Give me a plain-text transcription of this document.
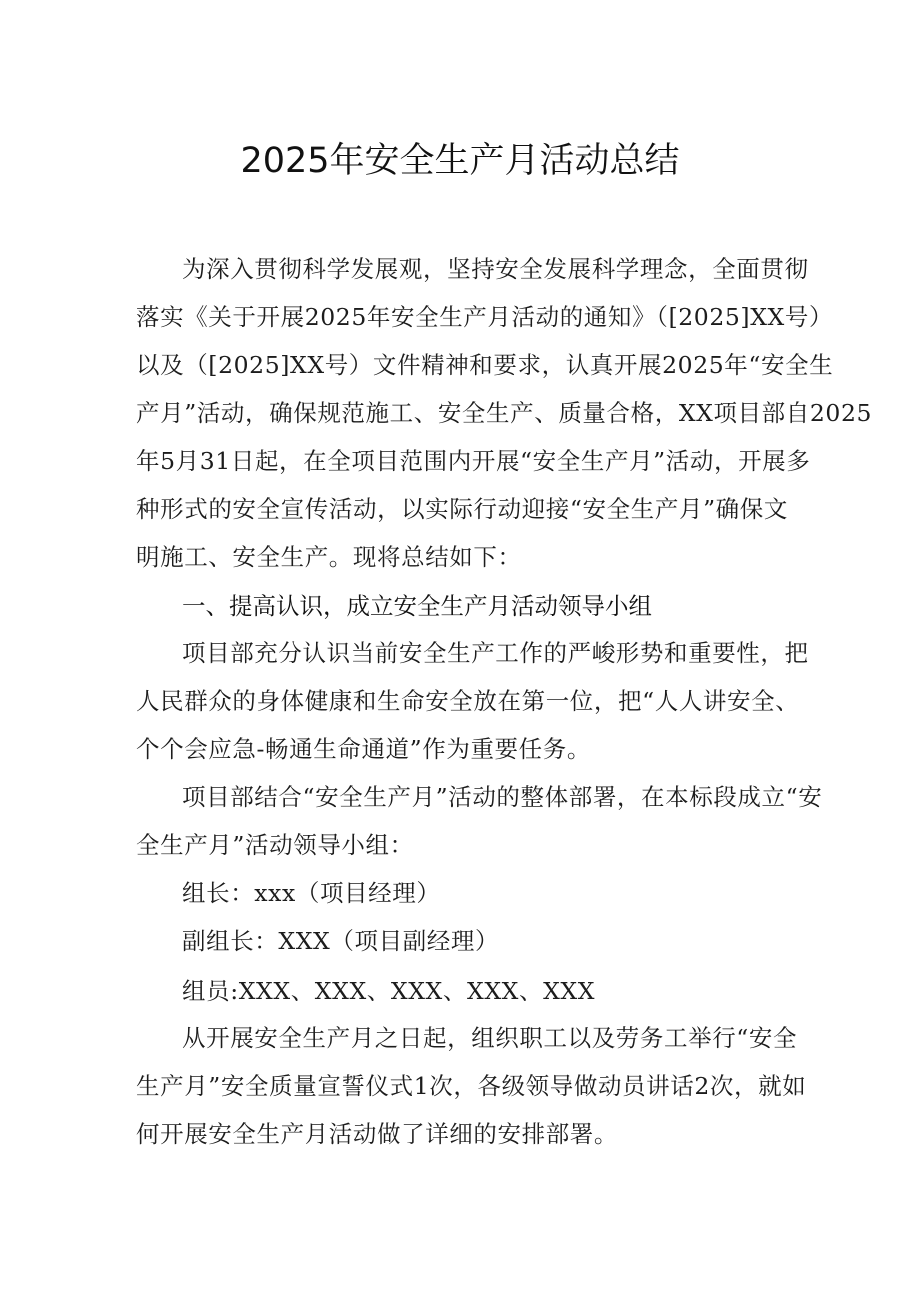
2025年安全生产月活动总结
为深入贯彻科学发展观，坚持安全发展科学理念，全面贯彻
落实《关于开展2025年安全生产月活动的通知》（[2025]XX号）
以及（[2025]XX号）文件精神和要求，认真开展2025年“安全生
产月”活动，确保规范施工、安全生产、质量合格，XX项目部自2025
年5月31日起，在全项目范围内开展“安全生产月”活动，开展多
种形式的安全宣传活动，以实际行动迎接“安全生产月”确保文
明施工、安全生产。现将总结如下：
一、提高认识，成立安全生产月活动领导小组
项目部充分认识当前安全生产工作的严峻形势和重要性，把
人民群众的身体健康和生命安全放在第一位，把“人人讲安全、
个个会应急-畅通生命通道”作为重要任务。
项目部结合“安全生产月”活动的整体部署，在本标段成立“安
全生产月”活动领导小组：
组长：xxx（项目经理）
副组长：XXX（项目副经理）
组员:XXX、XXX、XXX、XXX、XXX
从开展安全生产月之日起，组织职工以及劳务工举行“安全
生产月”安全质量宣誓仪式1次，各级领导做动员讲话2次，就如
何开展安全生产月活动做了详细的安排部署。
